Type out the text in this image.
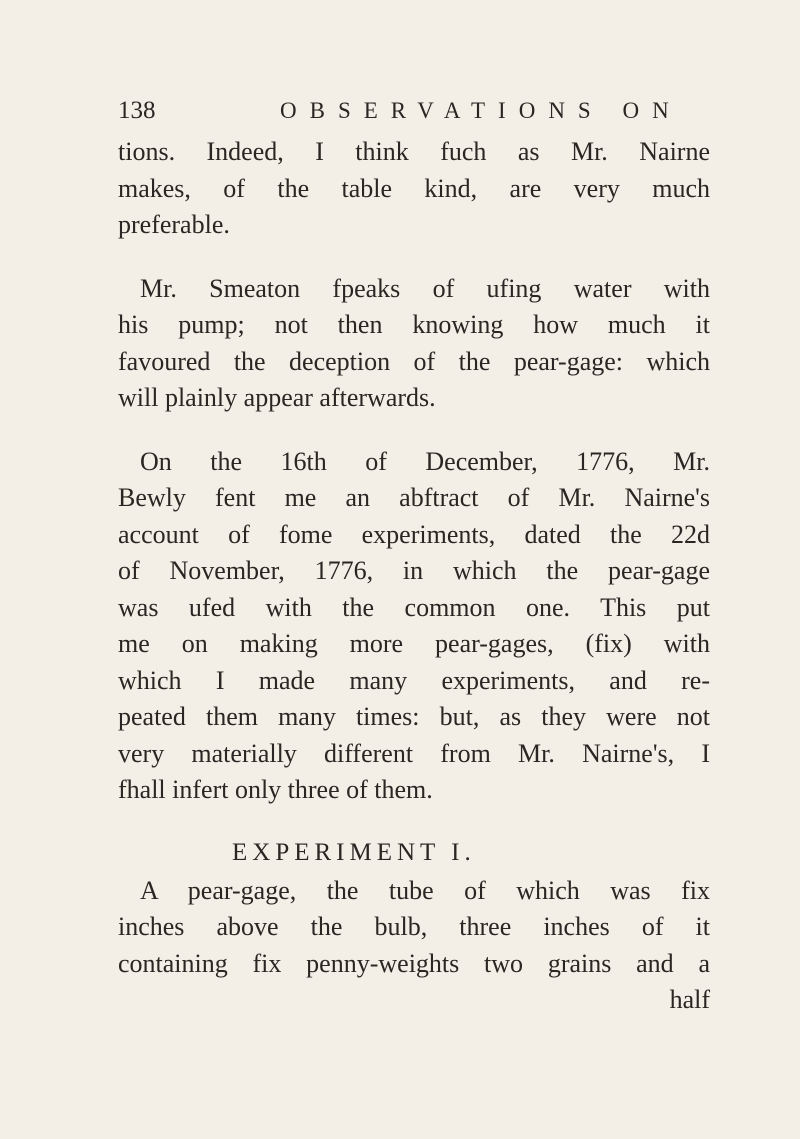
138	OBSERVATIONS ON
tions. Indeed, I think fuch as Mr. Nairne
makes, of the table kind, are very much
preferable.
Mr. Smeaton fpeaks of ufing water with
his pump; not then knowing how much it
favoured the deception of the pear-gage: which
will plainly appear afterwards.
On the 16th of December, 1776, Mr.
Bewly fent me an abftract of Mr. Nairne's
account of fome experiments, dated the 22d
of November, 1776, in which the pear-gage
was ufed with the common one. This put
me on making more pear-gages, (fix) with
which I made many experiments, and re-
peated them many times: but, as they were not
very materially different from Mr. Nairne's, I
fhall infert only three of them.
EXPERIMENT I.
A pear-gage, the tube of which was fix
inches above the bulb, three inches of it
containing fix penny-weights two grains and a
half
